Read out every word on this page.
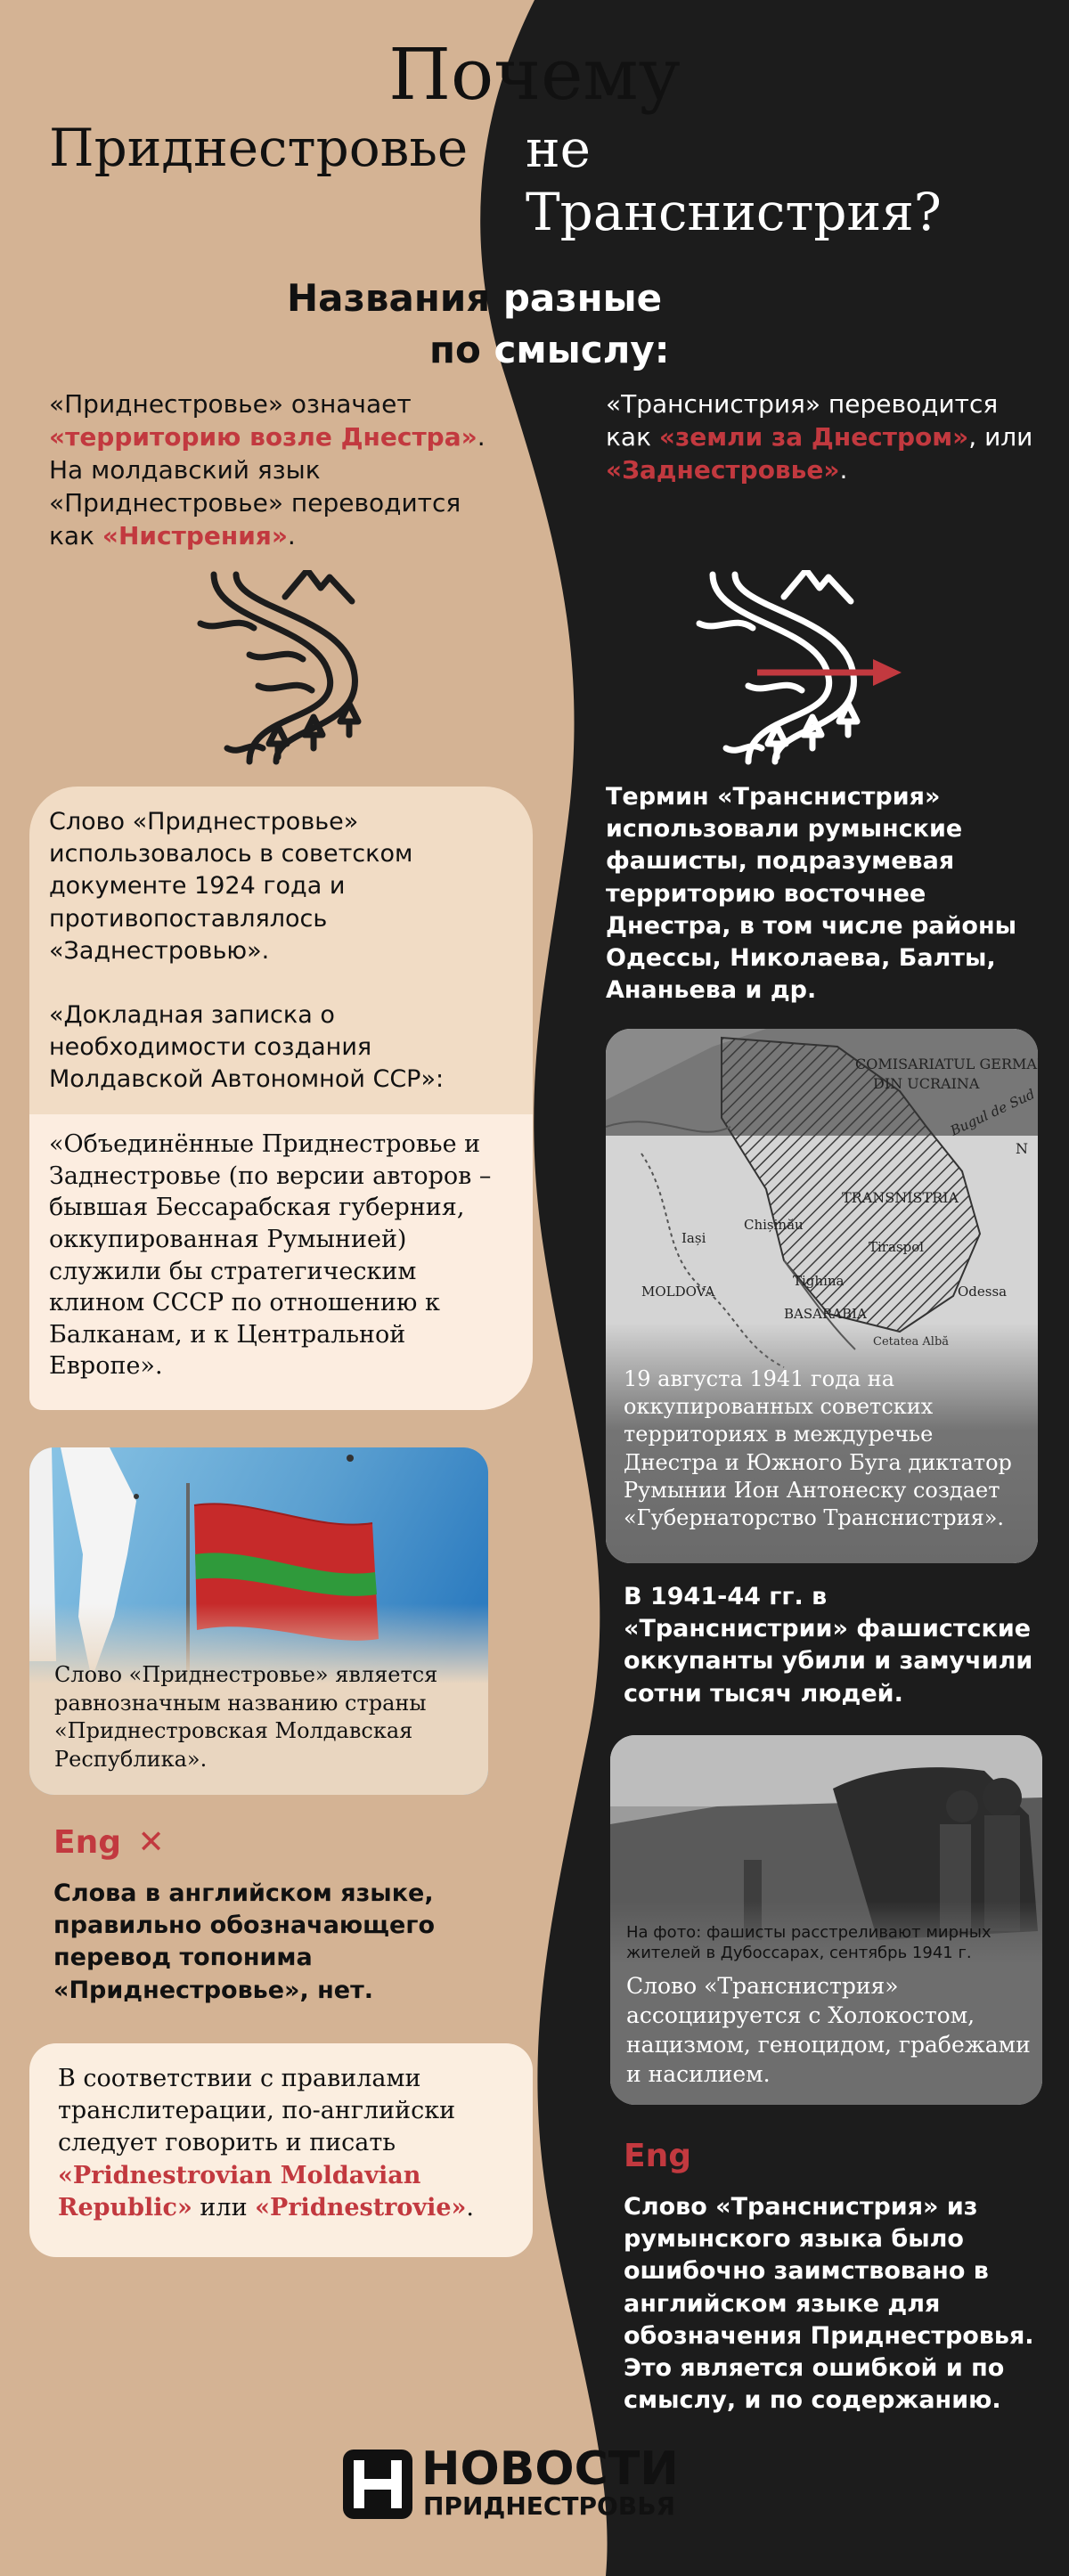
Почему
Приднестровье не
Транснистрия?
Названия разные
по смыслу:
«Приднестровье» означает
«территорию возле Днестра».
На молдавский язык
«Приднестровье» переводится
как «Нистрения».
«Транснистрия» переводится
как «земли за Днестром», или
«Заднестровье».
Слово «Приднестровье» использовалось в советском документе 1924 года и противопоставлялось «Заднестровью».
«Докладная записка о необходимости создания Молдавской Автономной ССР»:
«Объединённые Приднестровье и Заднестровье (по версии авторов – бывшая Бессарабская губерния, оккупированная Румынией) служили бы стратегическим клином СССР по отношению к Балканам, и к Центральной Европе».
Термин «Транснистрия» использовали румынские фашисты, подразумевая территорию восточнее Днестра, в том числе районы Одессы, Николаева, Балты, Ананьева и др.
19 августа 1941 года на оккупированных советских территориях в междуречье Днестра и Южного Буга диктатор Румынии Ион Антонеску создает «Губернаторство Транснистрия».
Слово «Приднестровье» является равнозначным названию страны «Приднестровская Молдавская Республика».
В 1941-44 гг. в «Транснистрии» фашистские оккупанты убили и замучили сотни тысяч людей.
На фото: фашисты расстреливают мирных жителей в Дубоссарах, сентябрь 1941 г.
Слово «Транснистрия» ассоциируется с Холокостом, нацизмом, геноцидом, грабежами и насилием.
Eng ✕
Слова в английском языке, правильно обозначающего перевод топонима «Приднестровье», нет.
В соответствии с правилами транслитерации, по-английски следует говорить и писать «Pridnestrovian Moldavian Republic» или «Pridnestrovie».
Eng
Слово «Транснистрия» из румынского языка было ошибочно заимствовано в английском языке для обозначения Приднестровья. Это является ошибкой и по смыслу, и по содержанию.
НОВОСТИ
ПРИДНЕСТРОВЬЯ
